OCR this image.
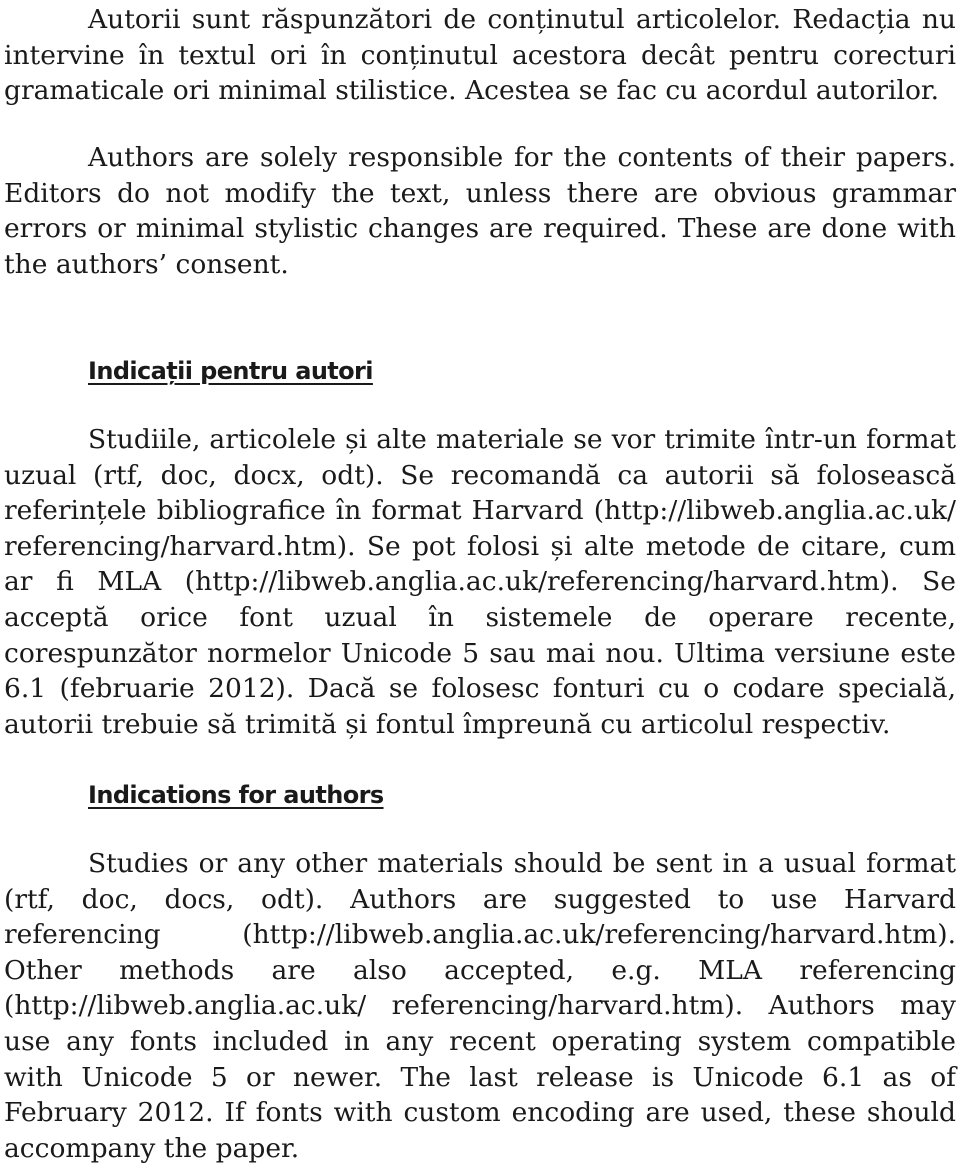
Autorii sunt răspunzători de conținutul articolelor. Redacția nu intervine în textul ori în conținutul acestora decât pentru corecturi gramaticale ori minimal stilistice. Acestea se fac cu acordul autorilor.

Authors are solely responsible for the contents of their papers. Editors do not modify the text, unless there are obvious grammar errors or minimal stylistic changes are required. These are done with the authors’ consent.

Indicații pentru autori

Studiile, articolele și alte materiale se vor trimite într-un format uzual (rtf, doc, docx, odt). Se recomandă ca autorii să folosească referințele bibliografice în format Harvard (http://libweb.anglia.ac.uk/ referencing/harvard.htm). Se pot folosi și alte metode de citare, cum ar fi MLA (http://libweb.anglia.ac.uk/referencing/harvard.htm). Se acceptă orice font uzual în sistemele de operare recente, corespunzător normelor Unicode 5 sau mai nou. Ultima versiune este 6.1 (februarie 2012). Dacă se folosesc fonturi cu o codare specială, autorii trebuie să trimită și fontul împreună cu articolul respectiv.

Indications for authors

Studies or any other materials should be sent in a usual format (rtf, doc, docs, odt). Authors are suggested to use Harvard referencing (http://libweb.anglia.ac.uk/referencing/harvard.htm). Other methods are also accepted, e.g. MLA referencing (http://libweb.anglia.ac.uk/ referencing/harvard.htm). Authors may use any fonts included in any recent operating system compatible with Unicode 5 or newer. The last release is Unicode 6.1 as of February 2012. If fonts with custom encoding are used, these should accompany the paper.
